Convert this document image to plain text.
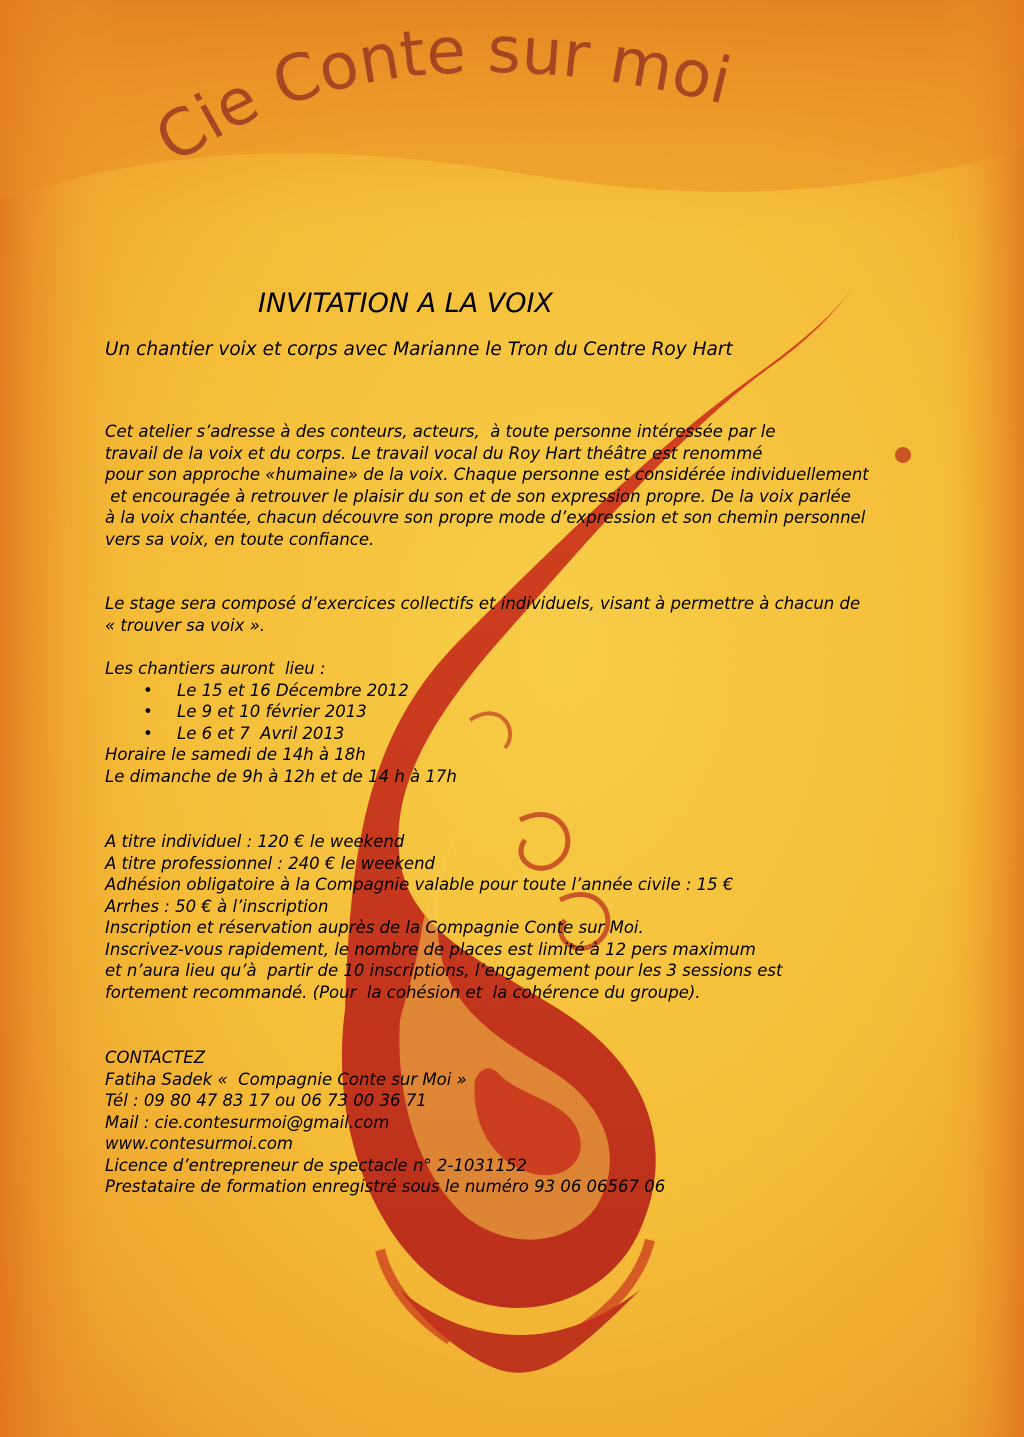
Cie Conte sur moi
INVITATION A LA VOIX
Un chantier voix et corps avec Marianne le Tron du Centre Roy Hart
Cet atelier s’adresse à des conteurs, acteurs,  à toute personne intéressée par le
travail de la voix et du corps. Le travail vocal du Roy Hart théâtre est renommé
pour son approche «humaine» de la voix. Chaque personne est considérée individuellement
et encouragée à retrouver le plaisir du son et de son expression propre. De la voix parlée
à la voix chantée, chacun découvre son propre mode d’expression et son chemin personnel
vers sa voix, en toute confiance.
Le stage sera composé d’exercices collectifs et individuels, visant à permettre à chacun de
« trouver sa voix ».
Les chantiers auront  lieu :

•

Le 15 et 16 Décembre 2012

•

Le 9 et 10 février 2013

•

Le 6 et 7  Avril 2013

Horaire le samedi de 14h à 18h
Le dimanche de 9h à 12h et de 14 h à 17h
A titre individuel : 120 € le weekend
A titre professionnel : 240 € le weekend
Adhésion obligatoire à la Compagnie valable pour toute l’année civile : 15 €
Arrhes : 50 € à l’inscription
Inscription et réservation auprès de la Compagnie Conte sur Moi.
Inscrivez-vous rapidement, le nombre de places est limité à 12 pers maximum
et n’aura lieu qu’à  partir de 10 inscriptions, l’engagement pour les 3 sessions est
fortement recommandé. (Pour  la cohésion et  la cohérence du groupe).
CONTACTEZ
Fatiha Sadek «  Compagnie Conte sur Moi »
Tél : 09 80 47 83 17 ou 06 73 00 36 71
Mail : cie.contesurmoi@gmail.com
www.contesurmoi.com
Licence d’entrepreneur de spectacle n° 2-1031152
Prestataire de formation enregistré sous le numéro 93 06 06567 06
